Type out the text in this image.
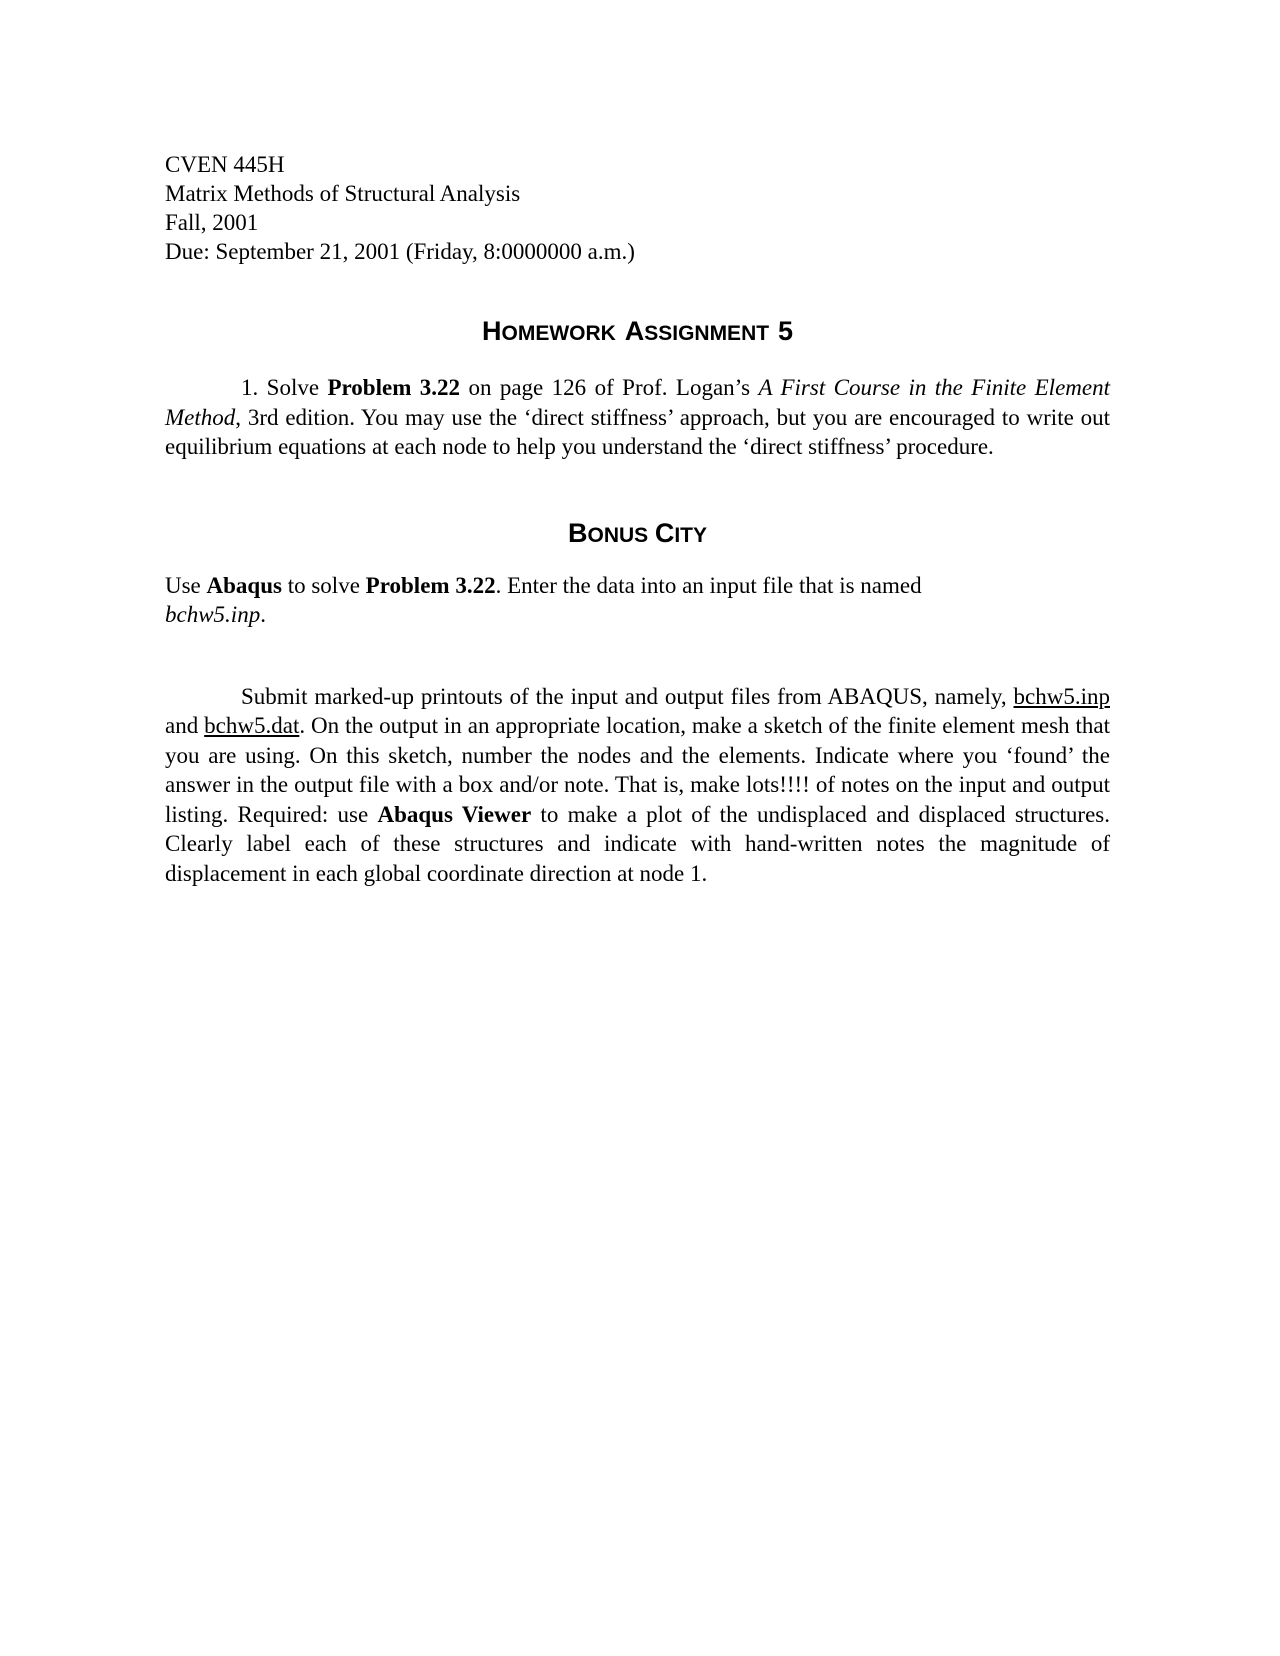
CVEN 445H

Matrix Methods of Structural Analysis

Fall, 2001

Due: September 21, 2001 (Friday, 8:0000000 a.m.)

HOMEWORK ASSIGNMENT 5

1. Solve Problem 3.22 on page 126 of Prof. Logan’s A First Course in the Finite Element Method, 3rd edition. You may use the ‘direct stiffness’ approach, but you are encouraged to write out equilibrium equations at each node to help you understand the ‘direct stiffness’ procedure.

BONUS CITY

Use Abaqus to solve Problem 3.22. Enter the data into an input file that is named
bchw5.inp.

Submit marked-up printouts of the input and output files from ABAQUS, namely, bchw5.inp and bchw5.dat. On the output in an appropriate location, make a sketch of the finite element mesh that you are using. On this sketch, number the nodes and the elements. Indicate where you ‘found’ the answer in the output file with a box and/or note. That is, make lots!!!! of notes on the input and output listing. Required: use Abaqus Viewer to make a plot of the undisplaced and displaced structures. Clearly label each of these structures and indicate with hand-written notes the magnitude of displacement in each global coordinate direction at node 1.
